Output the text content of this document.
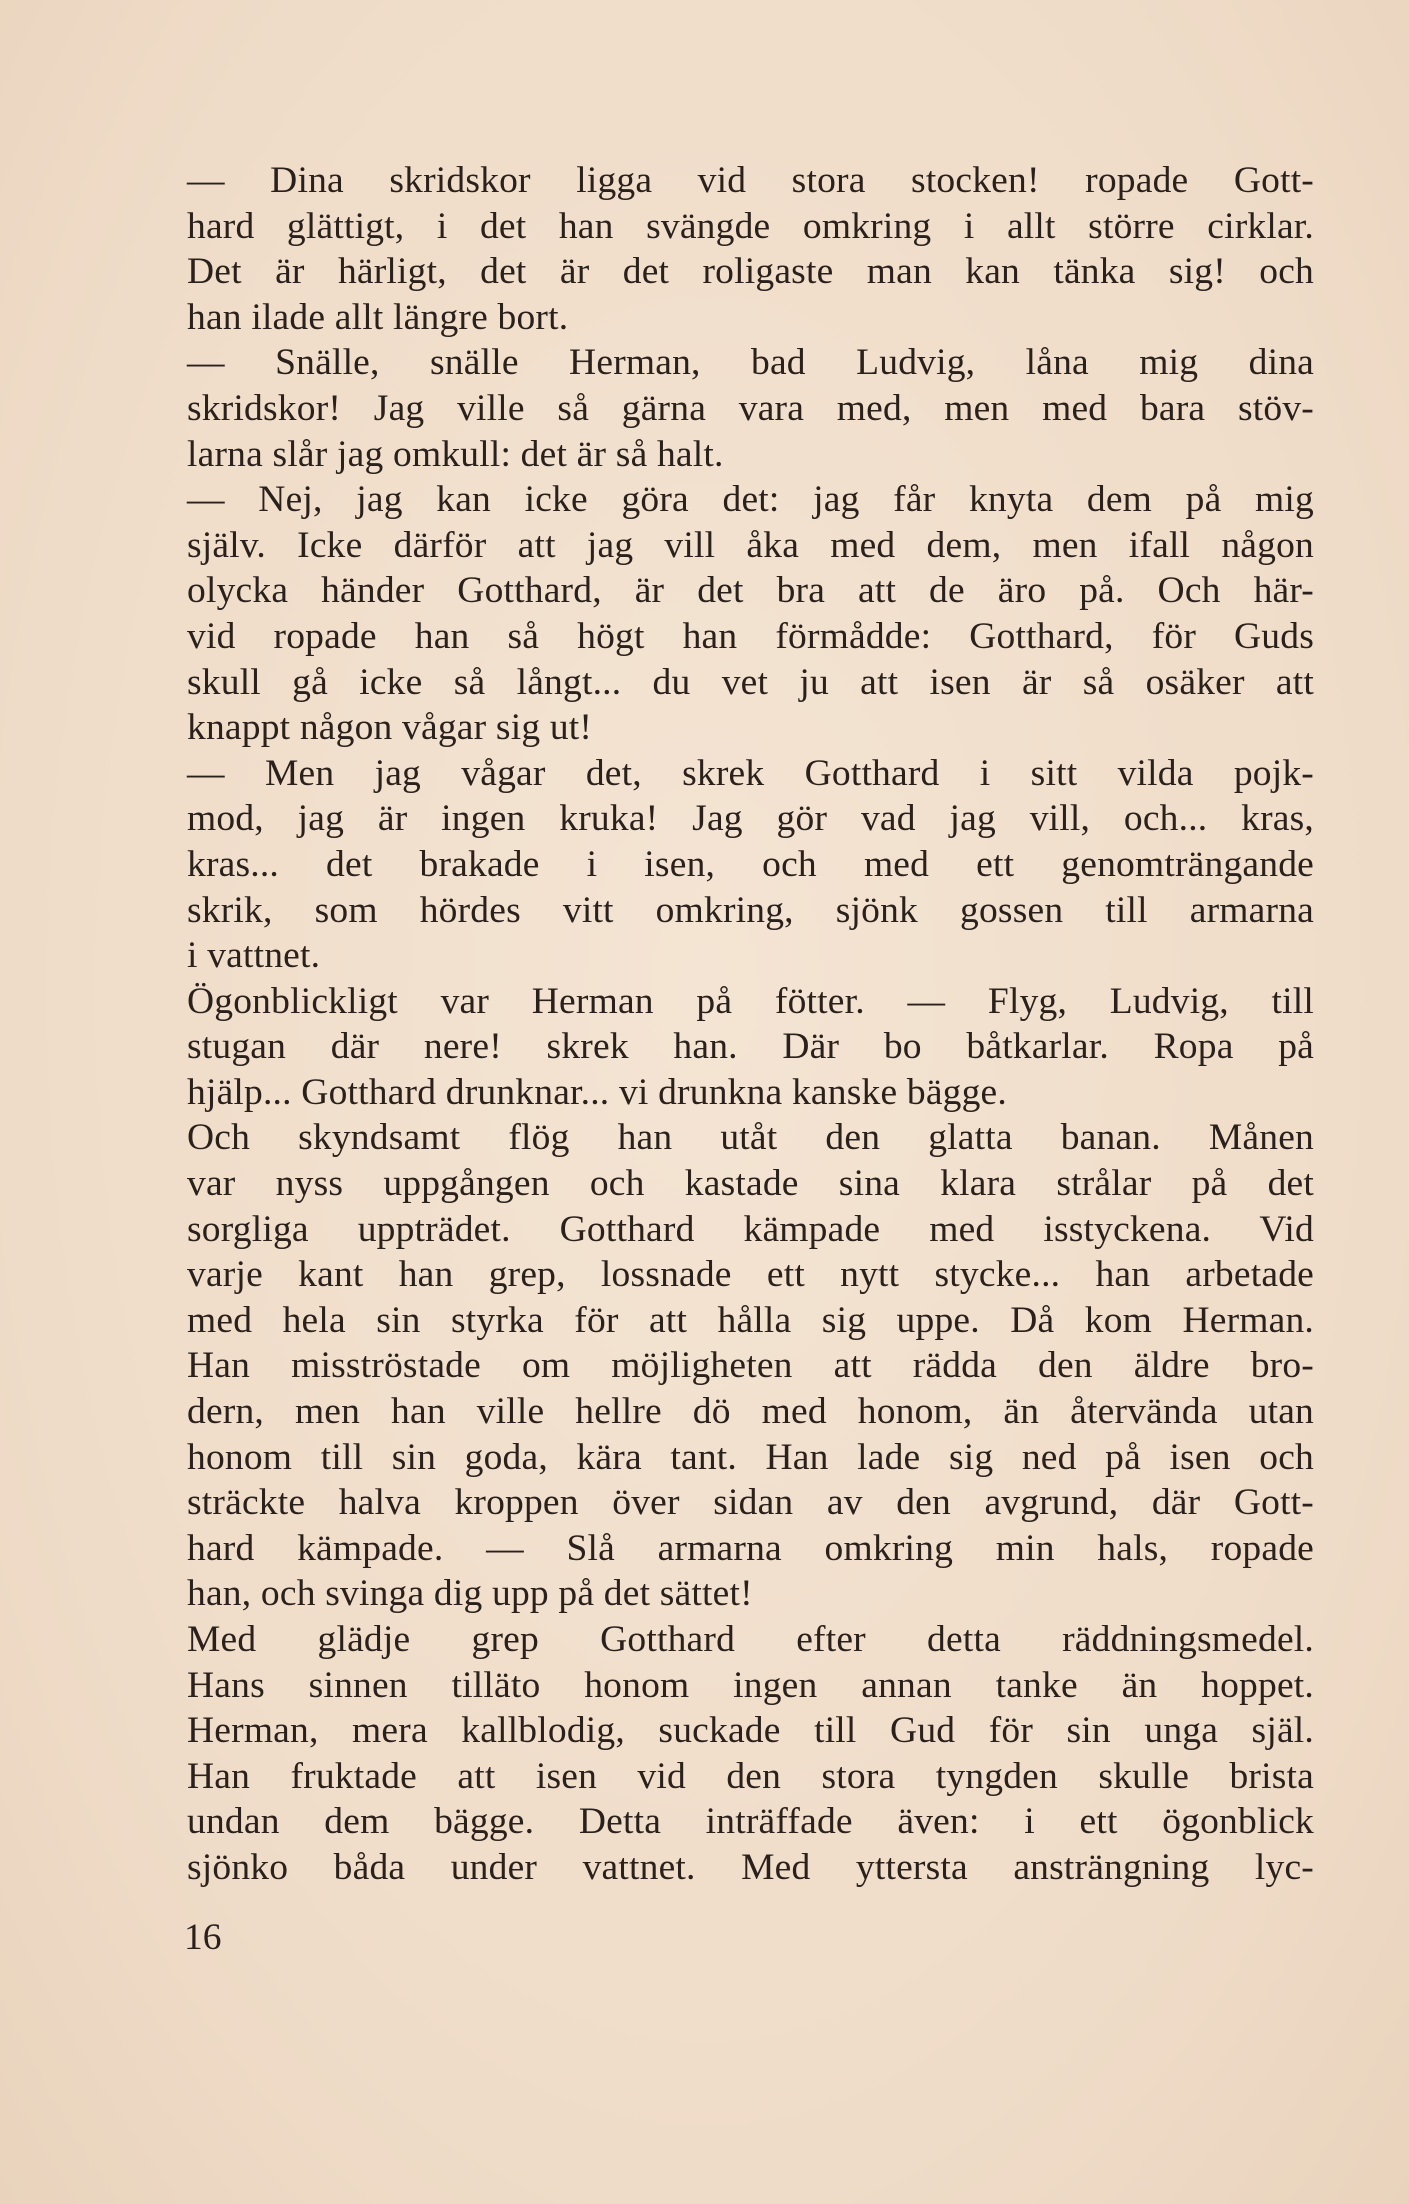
— Dina skridskor ligga vid stora stocken! ropade Gott-
hard glättigt, i det han svängde omkring i allt större cirklar.
Det är härligt, det är det roligaste man kan tänka sig! och
han ilade allt längre bort.
— Snälle, snälle Herman, bad Ludvig, låna mig dina
skridskor! Jag ville så gärna vara med, men med bara stöv-
larna slår jag omkull: det är så halt.
— Nej, jag kan icke göra det: jag får knyta dem på mig
själv. Icke därför att jag vill åka med dem, men ifall någon
olycka händer Gotthard, är det bra att de äro på. Och här-
vid ropade han så högt han förmådde: Gotthard, för Guds
skull gå icke så långt... du vet ju att isen är så osäker att
knappt någon vågar sig ut!
— Men jag vågar det, skrek Gotthard i sitt vilda pojk-
mod, jag är ingen kruka! Jag gör vad jag vill, och... kras,
kras... det brakade i isen, och med ett genomträngande
skrik, som hördes vitt omkring, sjönk gossen till armarna
i vattnet.
Ögonblickligt var Herman på fötter. — Flyg, Ludvig, till
stugan där nere! skrek han. Där bo båtkarlar. Ropa på
hjälp... Gotthard drunknar... vi drunkna kanske bägge.
Och skyndsamt flög han utåt den glatta banan. Månen
var nyss uppgången och kastade sina klara strålar på det
sorgliga uppträdet. Gotthard kämpade med isstyckena. Vid
varje kant han grep, lossnade ett nytt stycke... han arbetade
med hela sin styrka för att hålla sig uppe. Då kom Herman.
Han misströstade om möjligheten att rädda den äldre bro-
dern, men han ville hellre dö med honom, än återvända utan
honom till sin goda, kära tant. Han lade sig ned på isen och
sträckte halva kroppen över sidan av den avgrund, där Gott-
hard kämpade. — Slå armarna omkring min hals, ropade
han, och svinga dig upp på det sättet!
Med glädje grep Gotthard efter detta räddningsmedel.
Hans sinnen tilläto honom ingen annan tanke än hoppet.
Herman, mera kallblodig, suckade till Gud för sin unga själ.
Han fruktade att isen vid den stora tyngden skulle brista
undan dem bägge. Detta inträffade även: i ett ögonblick
sjönko båda under vattnet. Med yttersta ansträngning lyc-
16
